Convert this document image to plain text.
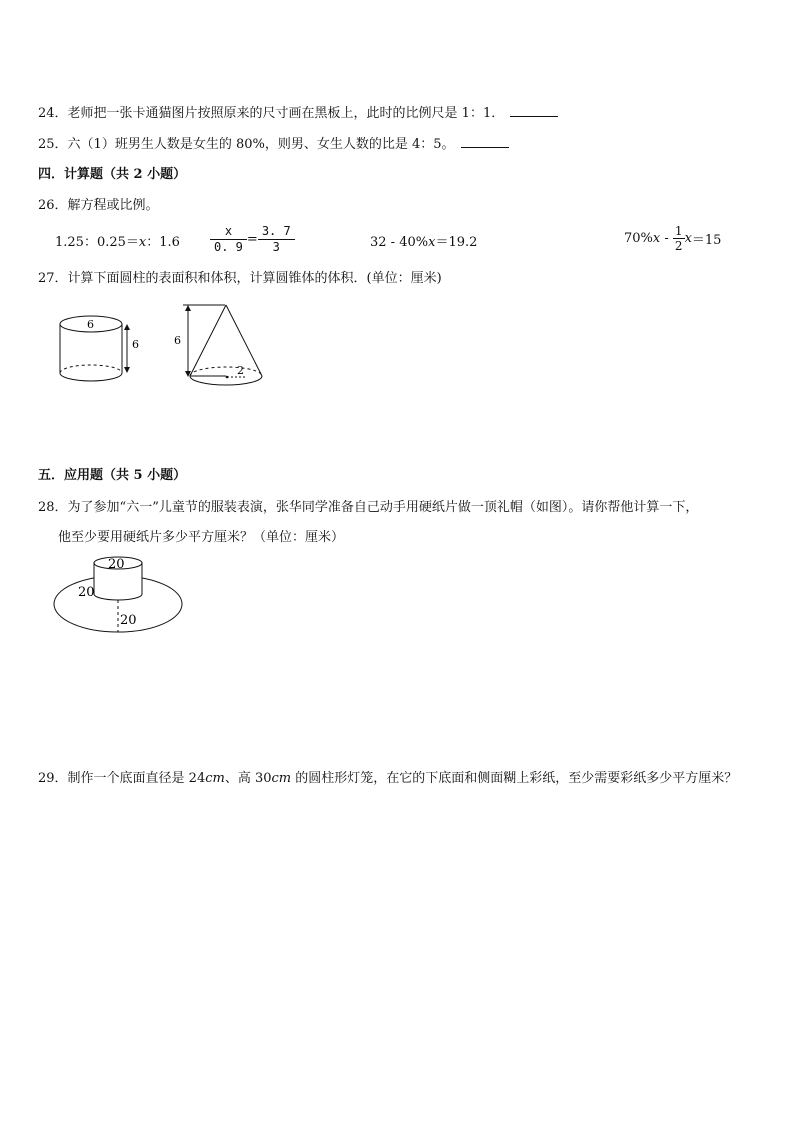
24．老师把一张卡通猫图片按照原来的尺寸画在黑板上，此时的比例尺是 1：1．
25．六（1）班男生人数是女生的 80%，则男、女生人数的比是 4：5。
四．计算题（共 2 小题）
26．解方程或比例。
1.25：0.25＝x：1.6	$\frac{x}{0. 9} = \frac{3. 7}{3}$	32 - 40%x＝19.2	$70\%x - \frac{1}{2} x=15$
27．计算下面圆柱的表面积和体积，计算圆锥体的体积．(单位：厘米)
6
6	6
2
五．应用题（共 5 小题）
28．为了参加“六一”儿童节的服装表演，张华同学准备自己动手用硬纸片做一顶礼帽（如图）。请你帮他计算一下，
他至少要用硬纸片多少平方厘米？（单位：厘米）
20
20
20
29．制作一个底面直径是 24cm、高 30cm 的圆柱形灯笼，在它的下底面和侧面糊上彩纸，至少需要彩纸多少平方厘米？
